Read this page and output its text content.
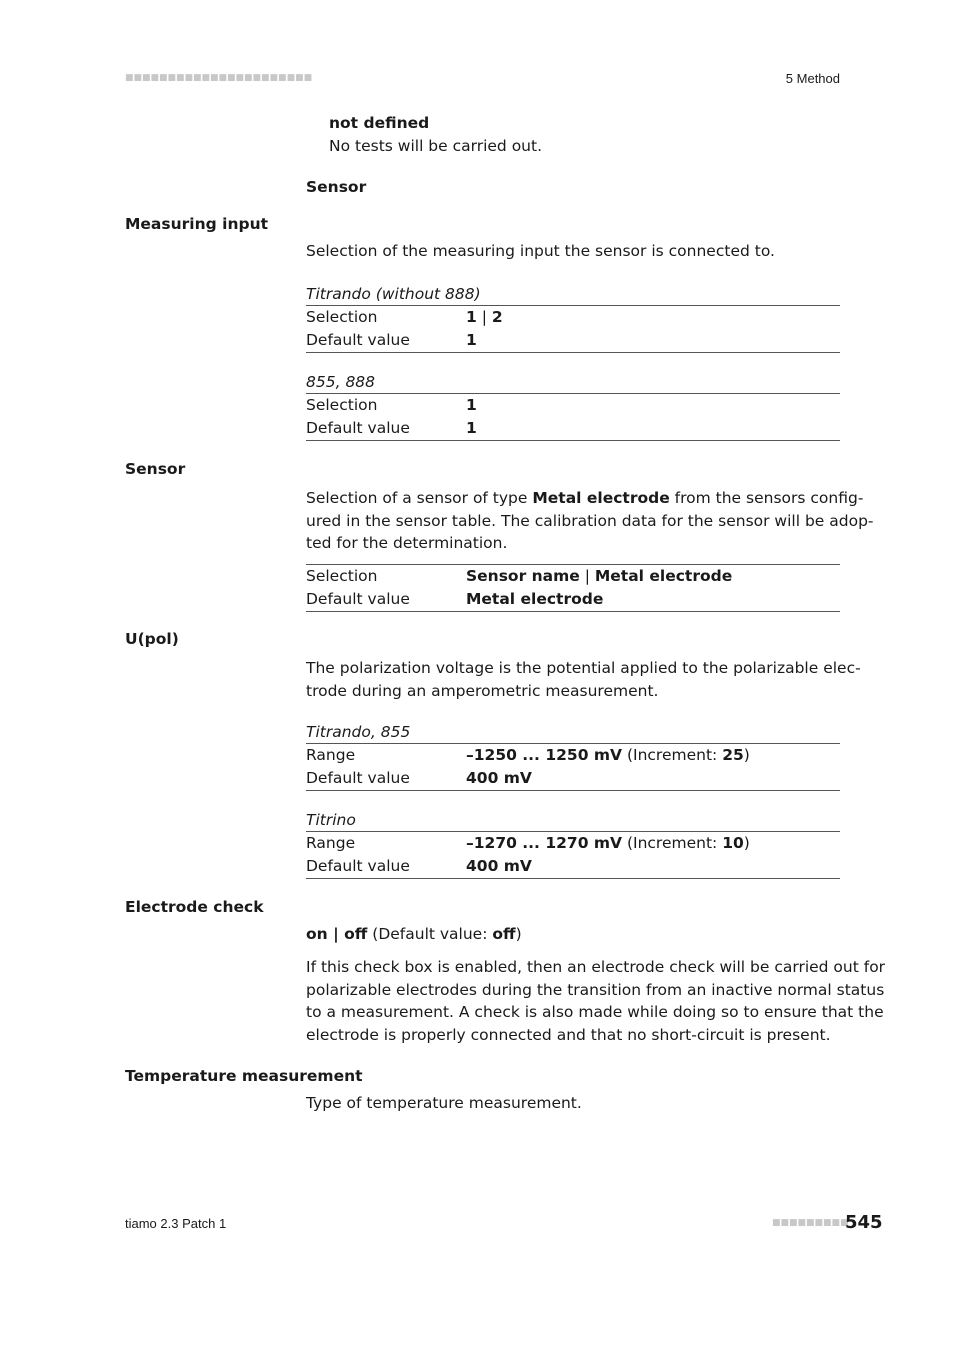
■■■■■■■■■■■■■■■■■■■■■■	5 Method
not defined
No tests will be carried out.
Sensor
Measuring input
Selection of the measuring input the sensor is connected to.
Titrando (without 888)
Selection	1 | 2
Default value	1
855, 888
Selection	1
Default value	1
Sensor
Selection of a sensor of type Metal electrode from the sensors config-
ured in the sensor table. The calibration data for the sensor will be adop-
ted for the determination.
Selection	Sensor name | Metal electrode
Default value	Metal electrode
U(pol)
The polarization voltage is the potential applied to the polarizable elec-
trode during an amperometric measurement.
Titrando, 855
Range	–1250 ... 1250 mV (Increment: 25)
Default value	400 mV
Titrino
Range	–1270 ... 1270 mV (Increment: 10)
Default value	400 mV
Electrode check
on | off (Default value: off)
If this check box is enabled, then an electrode check will be carried out for
polarizable electrodes during the transition from an inactive normal status
to a measurement. A check is also made while doing so to ensure that the
electrode is properly connected and that no short-circuit is present.
Temperature measurement
Type of temperature measurement.
tiamo 2.3 Patch 1	■■■■■■■■■
545
